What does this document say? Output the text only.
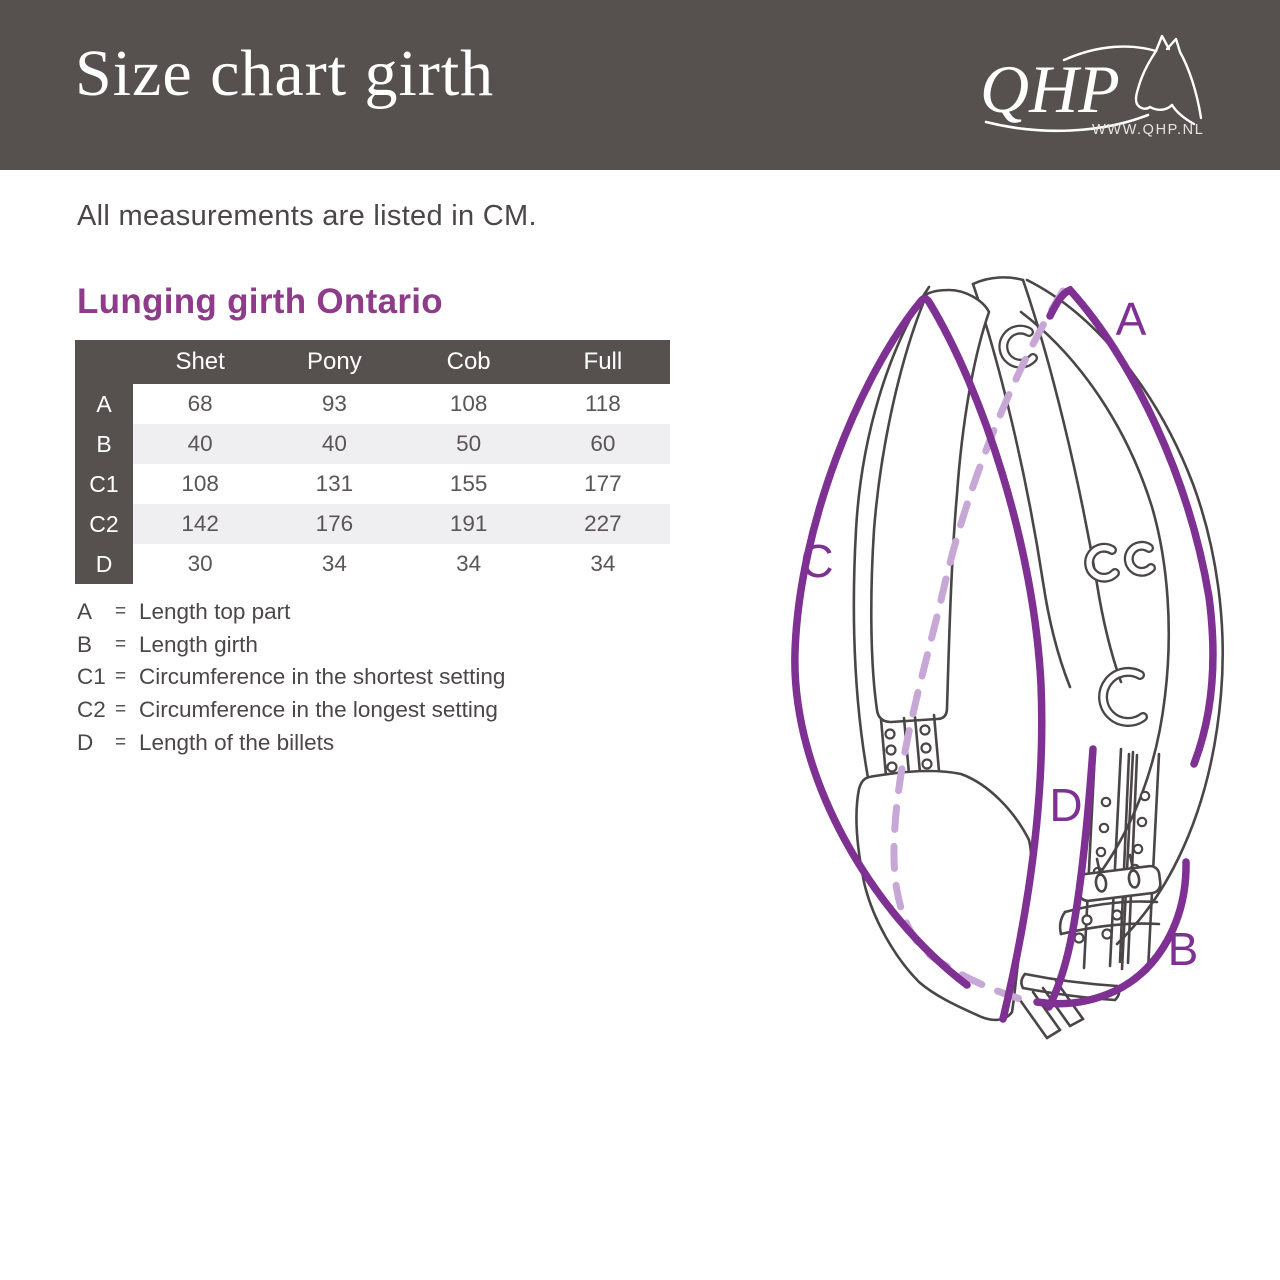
Size chart girth	QHP
WWW.QHP.NL
All measurements are listed in CM.
Lunging girth Ontario
Shet	Pony	Cob	Full
A	68	93	108	118
B	40	40	50	60
C1	108	131	155	177
C2	142	176	191	227
D	30	34	34	34
A	= Length top part
B	= Length girth
C1 = Circumference in the shortest setting
C2 = Circumference in the longest setting
D	= Length of the billets
A
C
D
B
